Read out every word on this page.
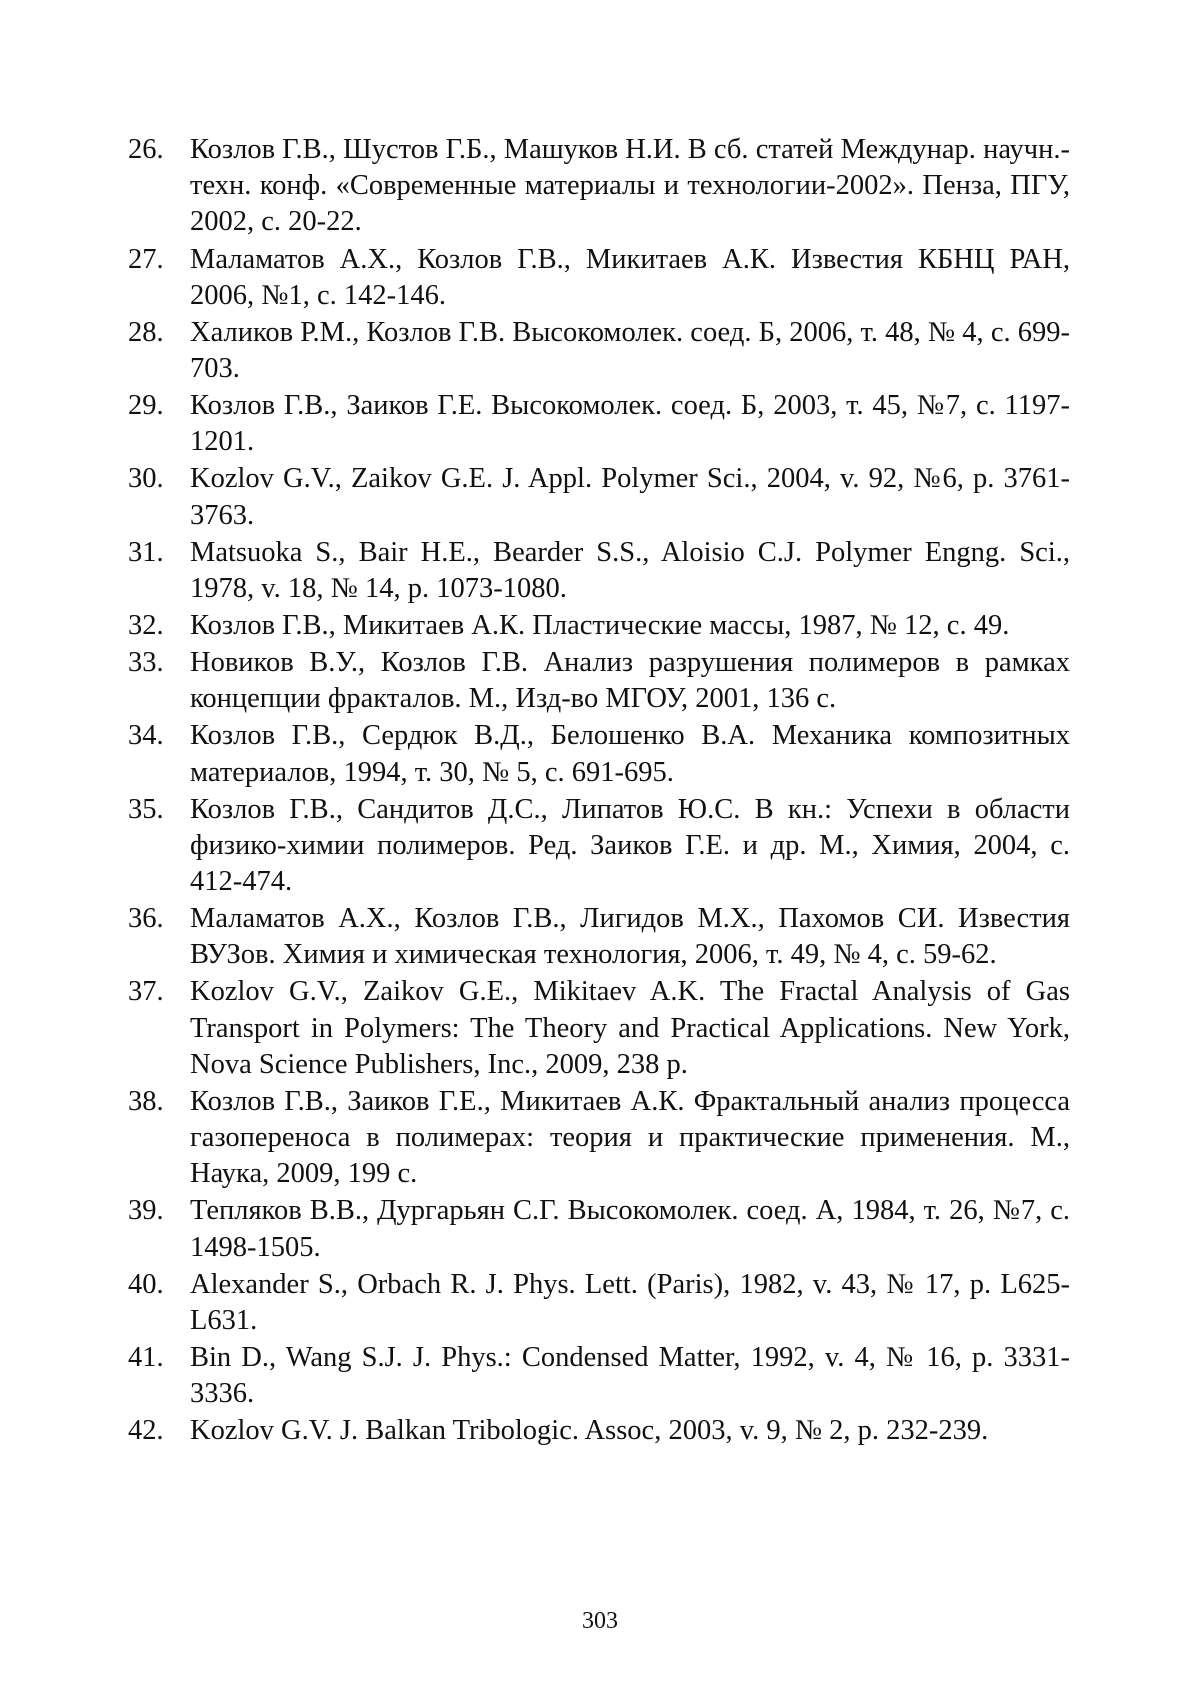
26. Козлов Г.В., Шустов Г.Б., Машуков Н.И. В сб. статей Междунар. научн.-техн. конф. «Современные материалы и технологии-2002». Пенза, ПГУ, 2002, с. 20-22.
27. Маламатов А.Х., Козлов Г.В., Микитаев А.К. Известия КБНЦ РАН, 2006, №1, с. 142-146.
28. Халиков Р.М., Козлов Г.В. Высокомолек. соед. Б, 2006, т. 48, № 4, с. 699-703.
29. Козлов Г.В., Заиков Г.Е. Высокомолек. соед. Б, 2003, т. 45, №7, с. 1197-1201.
30. Kozlov G.V., Zaikov G.E. J. Appl. Polymer Sci., 2004, v. 92, №6, p. 3761-3763.
31. Matsuoka S., Bair H.E., Bearder S.S., Aloisio C.J. Polymer Engng. Sci., 1978, v. 18, № 14, p. 1073-1080.
32. Козлов Г.В., Микитаев А.К. Пластические массы, 1987, № 12, с. 49.
33. Новиков В.У., Козлов Г.В. Анализ разрушения полимеров в рамках концепции фракталов. М., Изд-во МГОУ, 2001, 136 с.
34. Козлов Г.В., Сердюк В.Д., Белошенко В.А. Механика композитных материалов, 1994, т. 30, № 5, с. 691-695.
35. Козлов Г.В., Сандитов Д.С., Липатов Ю.С. В кн.: Успехи в области физико-химии полимеров. Ред. Заиков Г.Е. и др. М., Химия, 2004, с. 412-474.
36. Маламатов А.Х., Козлов Г.В., Лигидов М.Х., Пахомов СИ. Известия ВУЗов. Химия и химическая технология, 2006, т. 49, № 4, с. 59-62.
37. Kozlov G.V., Zaikov G.E., Mikitaev A.K. The Fractal Analysis of Gas Transport in Polymers: The Theory and Practical Applications. New York, Nova Science Publishers, Inc., 2009, 238 p.
38. Козлов Г.В., Заиков Г.Е., Микитаев А.К. Фрактальный анализ процесса газопереноса в полимерах: теория и практические применения. М., Наука, 2009, 199 с.
39. Тепляков В.В., Дургарьян С.Г. Высокомолек. соед. А, 1984, т. 26, №7, с. 1498-1505.
40. Alexander S., Orbach R. J. Phys. Lett. (Paris), 1982, v. 43, № 17, p. L625-L631.
41. Bin D., Wang S.J. J. Phys.: Condensed Matter, 1992, v. 4, № 16, p. 3331-3336.
42. Kozlov G.V. J. Balkan Tribologic. Assoc, 2003, v. 9, № 2, p. 232-239.
303
